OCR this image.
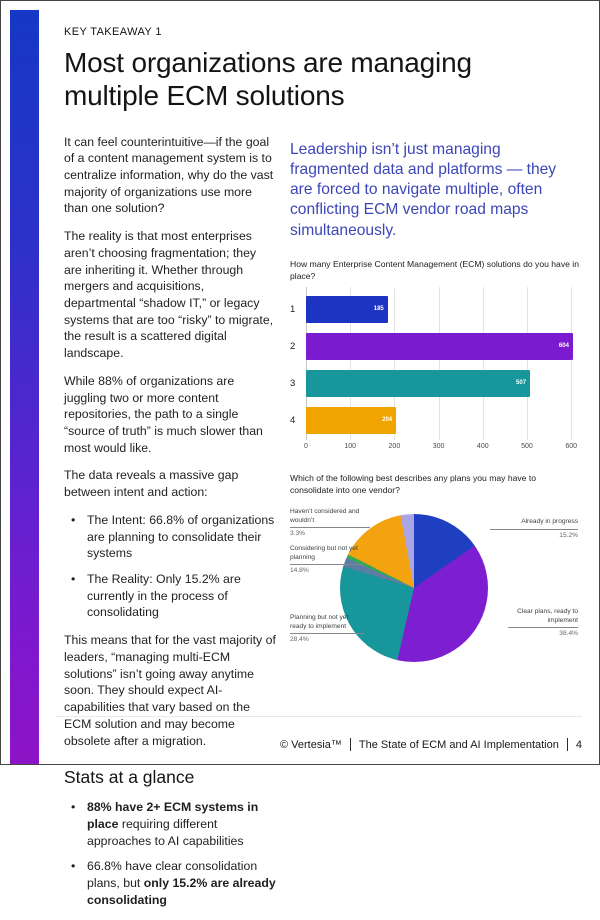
KEY TAKEAWAY 1
Most organizations are managing multiple ECM solutions

It can feel counterintuitive—if the goal of a content management system is to centralize information, why do the vast majority of organizations use more than one solution?

The reality is that most enterprises aren’t choosing fragmentation; they are inheriting it. Whether through mergers and acquisitions, departmental “shadow IT,” or legacy systems that are too “risky” to migrate, the result is a scattered digital landscape.

While 88% of organizations are juggling two or more content repositories, the path to a single “source of truth” is much slower than most would like.

The data reveals a massive gap between intent and action:

• The Intent: 66.8% of organizations are planning to consolidate their systems
• The Reality: Only 15.2% are currently in the process of consolidating

This means that for the vast majority of leaders, “managing multi-ECM solutions” isn’t going away anytime soon. They should expect AI-capabilities that vary based on the ECM solution and may become obsolete after a migration.

Stats at a glance
• 88% have 2+ ECM systems in place requiring different approaches to AI capabilities
• 66.8% have clear consolidation plans, but only 15.2% are already consolidating
Leadership isn’t just managing fragmented data and platforms — they are forced to navigate multiple, often conflicting ECM vendor road maps simultaneously.
How many Enterprise Content Management (ECM) solutions do you have in place?
1	185
2	604
3	507
4	204
0	100	200	300	400	500	600
Which of the following best describes any plans you may have to consolidate into one vendor?
Haven’t considered and wouldn’t
3.3%
Considering but not yet planning
14.8%
Planning but not yet ready to implement
28.4%
Already in progress
15.2%
Clear plans, ready to implement
38.4%
© Vertesia™ The State of ECM and AI Implementation 4
